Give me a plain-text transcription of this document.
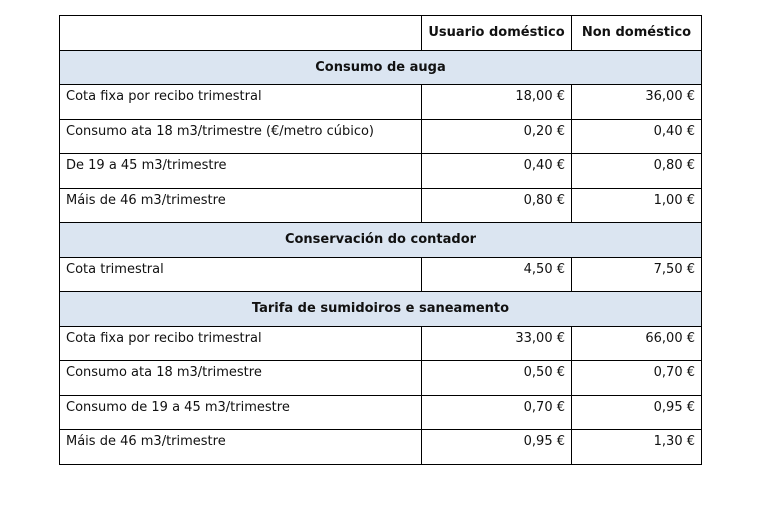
	Usuario doméstico	Non doméstico
Consumo de auga		
Cota fixa por recibo trimestral	18,00 €	36,00 €
Consumo ata 18 m3/trimestre (€/metro cúbico)	0,20 €	0,40 €
De 19 a 45 m3/trimestre	0,40 €	0,80 €
Máis de 46 m3/trimestre	0,80 €	1,00 €
Conservación do contador		
Cota trimestral	4,50 €	7,50 €
Tarifa de sumidoiros e saneamento		
Cota fixa por recibo trimestral	33,00 €	66,00 €
Consumo ata 18 m3/trimestre	0,50 €	0,70 €
Consumo de 19 a 45 m3/trimestre	0,70 €	0,95 €
Máis de 46 m3/trimestre	0,95 €	1,30 €
